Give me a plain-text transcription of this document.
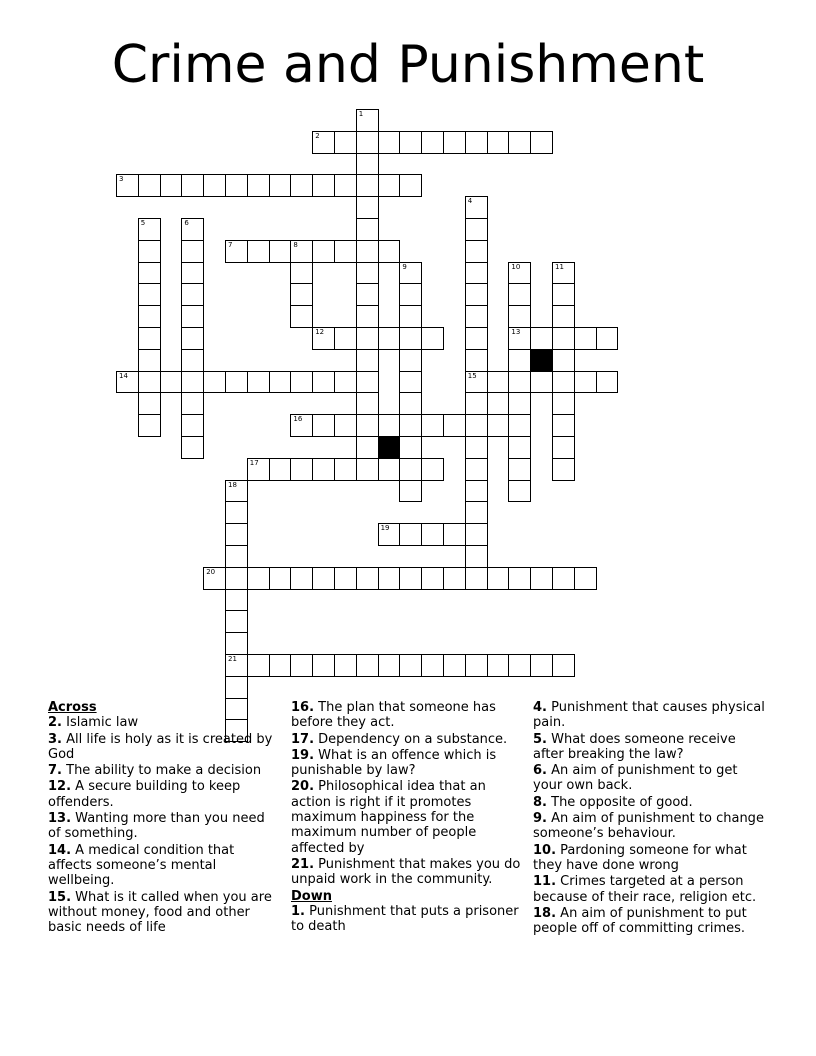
Crime and Punishment
2
3
7	8
12	13
14	15
16
17
19
20
21
1
4
5	6
9	10	11
18
Across
2. Islamic law
3. All life is holy as it is created by God
7. The ability to make a decision
12. A secure building to keep offenders.
13. Wanting more than you need of something.
14. A medical condition that affects someone’s mental wellbeing.
15. What is it called when you are without money, food and other basic needs of life
16. The plan that someone has before they act.
17. Dependency on a substance.
19. What is an offence which is punishable by law?
20. Philosophical idea that an action is right if it promotes maximum happiness for the maximum number of people affected by
21. Punishment that makes you do unpaid work in the community.
Down
1. Punishment that puts a prisoner to death
4. Punishment that causes physical pain.
5. What does someone receive after breaking the law?
6. An aim of punishment to get your own back.
8. The opposite of good.
9. An aim of punishment to change someone’s behaviour.
10. Pardoning someone for what they have done wrong
11. Crimes targeted at a person because of their race, religion etc.
18. An aim of punishment to put people off of committing crimes.
